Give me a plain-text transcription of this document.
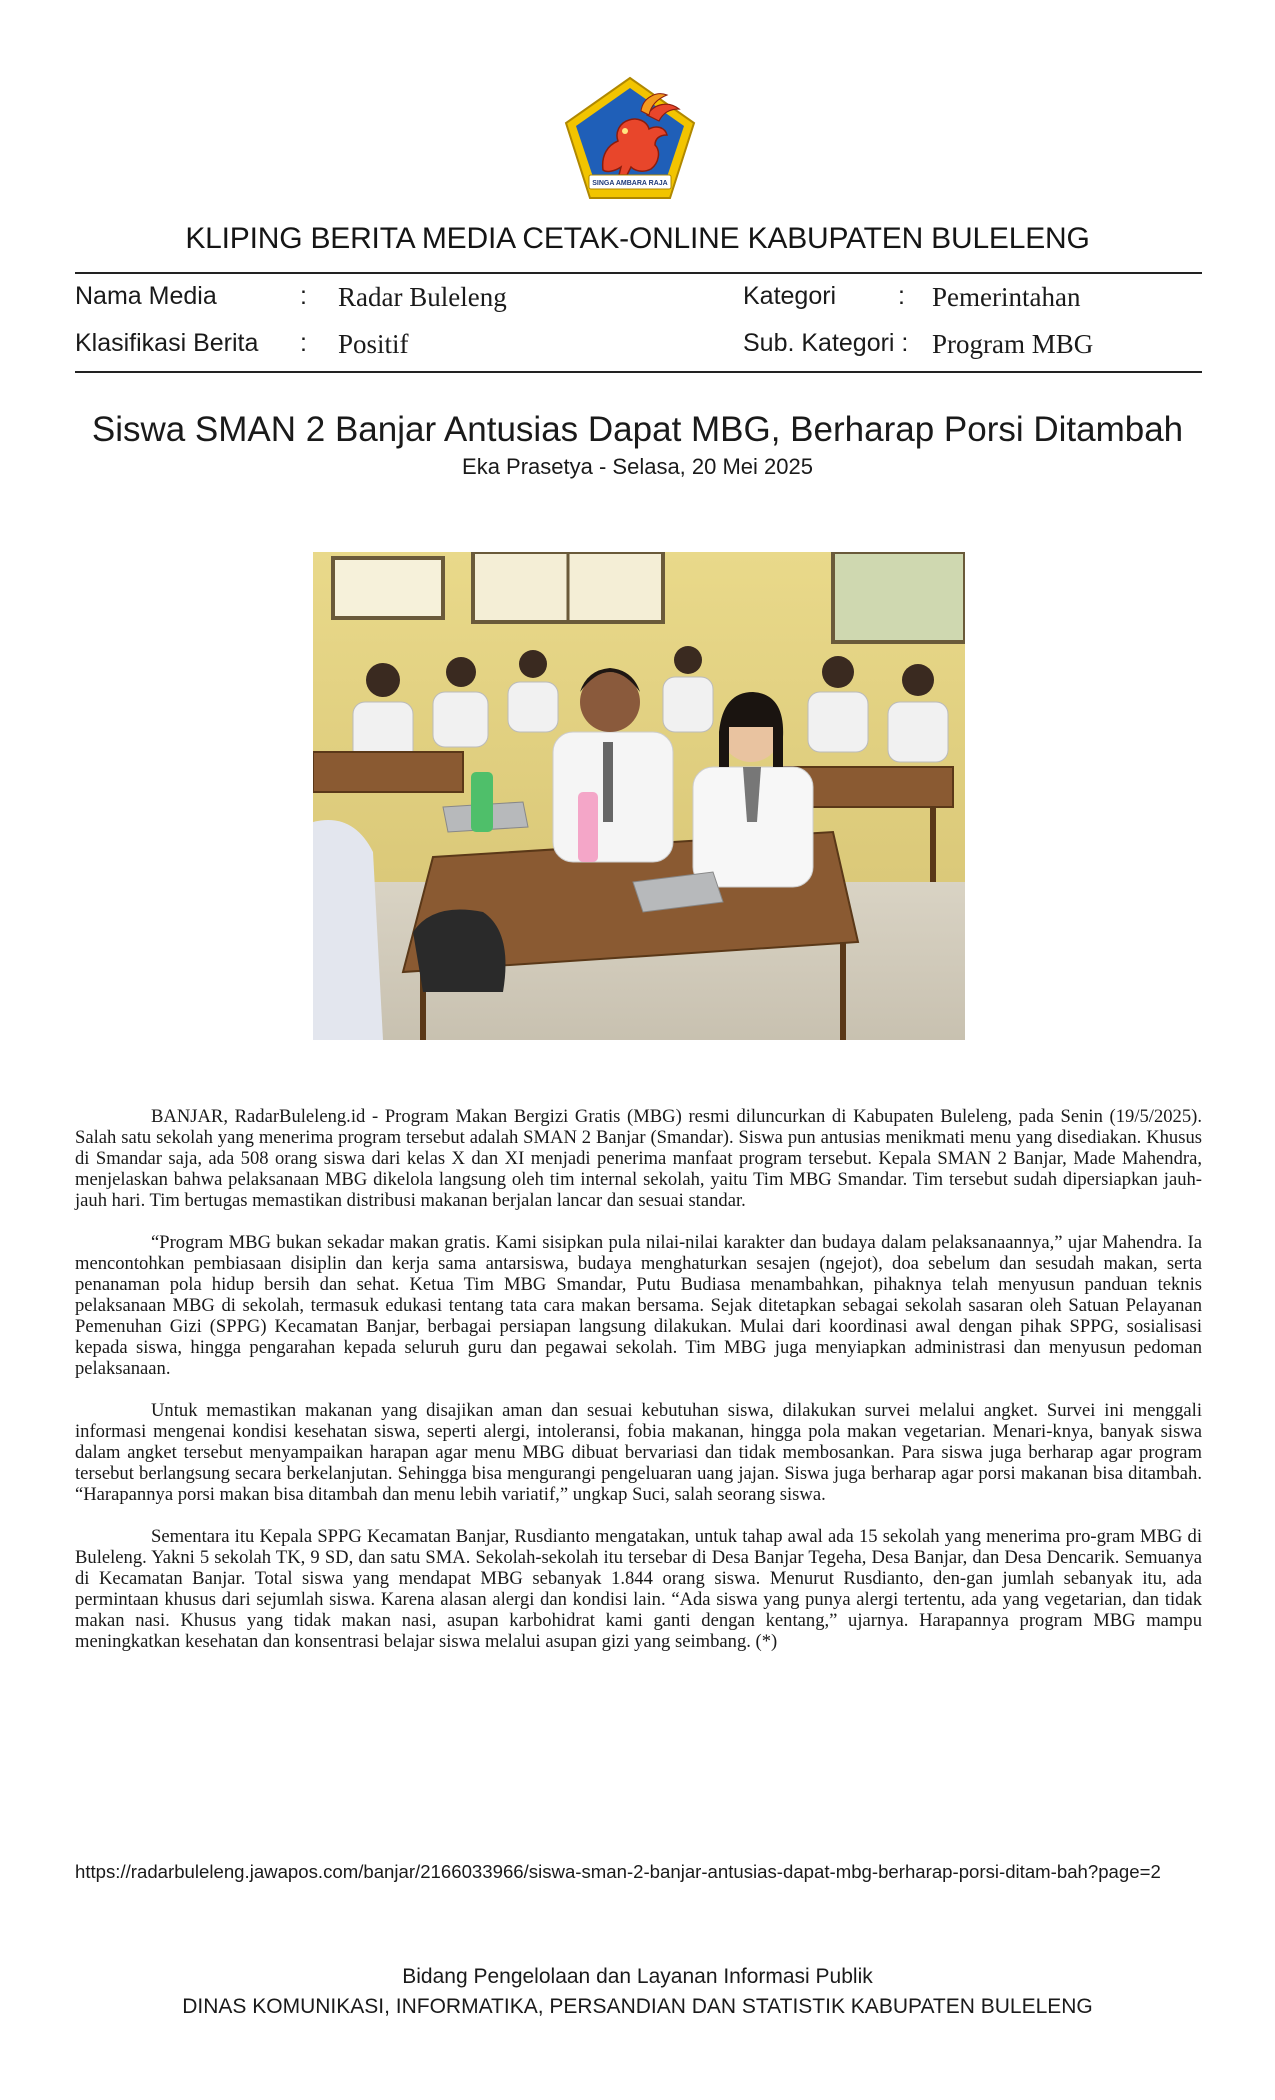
SINGA AMBARA RAJA
KLIPING BERITA MEDIA CETAK-ONLINE KABUPATEN BULELENG
Nama Media	: Radar Buleleng	Kategori : Pemerintahan
Klasifikasi Berita : Positif	Sub. Kategori : Program MBG
Siswa SMAN 2 Banjar Antusias Dapat MBG, Berharap Porsi Ditambah
Eka Prasetya - Selasa, 20 Mei 2025

BANJAR, RadarBuleleng.id - Program Makan Bergizi Gratis (MBG) resmi diluncurkan di Kabupaten Buleleng, pada Senin (19/5/2025). Salah satu sekolah yang menerima program tersebut adalah SMAN 2 Banjar (Smandar). Siswa pun antusias menikmati menu yang disediakan. Khusus di Smandar saja, ada 508 orang siswa dari kelas X dan XI menjadi penerima manfaat program tersebut. Kepala SMAN 2 Banjar, Made Mahendra, menjelaskan bahwa pelaksanaan MBG dikelola langsung oleh tim internal sekolah, yaitu Tim MBG Smandar. Tim tersebut sudah dipersiapkan jauh-jauh hari. Tim bertugas memastikan distribusi makanan berjalan lancar dan sesuai standar.

“Program MBG bukan sekadar makan gratis. Kami sisipkan pula nilai-nilai karakter dan budaya dalam pelaksanaannya,” ujar Mahendra. Ia mencontohkan pembiasaan disiplin dan kerja sama antarsiswa, budaya menghaturkan sesajen (ngejot), doa sebelum dan sesudah makan, serta penanaman pola hidup bersih dan sehat. Ketua Tim MBG Smandar, Putu Budiasa menambahkan, pihaknya telah menyusun panduan teknis pelaksanaan MBG di sekolah, termasuk edukasi tentang tata cara makan bersama. Sejak ditetapkan sebagai sekolah sasaran oleh Satuan Pelayanan Pemenuhan Gizi (SPPG) Kecamatan Banjar, berbagai persiapan langsung dilakukan. Mulai dari koordinasi awal dengan pihak SPPG, sosialisasi kepada siswa, hingga pengarahan kepada seluruh guru dan pegawai sekolah. Tim MBG juga menyiapkan administrasi dan menyusun pedoman pelaksanaan.

Untuk memastikan makanan yang disajikan aman dan sesuai kebutuhan siswa, dilakukan survei melalui angket. Survei ini menggali informasi mengenai kondisi kesehatan siswa, seperti alergi, intoleransi, fobia makanan, hingga pola makan vegetarian. Menari-knya, banyak siswa dalam angket tersebut menyampaikan harapan agar menu MBG dibuat bervariasi dan tidak membosankan. Para siswa juga berharap agar program tersebut berlangsung secara berkelanjutan. Sehingga bisa mengurangi pengeluaran uang jajan. Siswa juga berharap agar porsi makanan bisa ditambah. “Harapannya porsi makan bisa ditambah dan menu lebih variatif,” ungkap Suci, salah seorang siswa.

Sementara itu Kepala SPPG Kecamatan Banjar, Rusdianto mengatakan, untuk tahap awal ada 15 sekolah yang menerima pro-gram MBG di Buleleng. Yakni 5 sekolah TK, 9 SD, dan satu SMA. Sekolah-sekolah itu tersebar di Desa Banjar Tegeha, Desa Banjar, dan Desa Dencarik. Semuanya di Kecamatan Banjar. Total siswa yang mendapat MBG sebanyak 1.844 orang siswa. Menurut Rusdianto, den-gan jumlah sebanyak itu, ada permintaan khusus dari sejumlah siswa. Karena alasan alergi dan kondisi lain. “Ada siswa yang punya alergi tertentu, ada yang vegetarian, dan tidak makan nasi. Khusus yang tidak makan nasi, asupan karbohidrat kami ganti dengan kentang,” ujarnya. Harapannya program MBG mampu meningkatkan kesehatan dan konsentrasi belajar siswa melalui asupan gizi yang seimbang. (*)

https://radarbuleleng.jawapos.com/banjar/2166033966/siswa-sman-2-banjar-antusias-dapat-mbg-berharap-porsi-ditam-bah?page=2
Bidang Pengelolaan dan Layanan Informasi Publik
DINAS KOMUNIKASI, INFORMATIKA, PERSANDIAN DAN STATISTIK KABUPATEN BULELENG
